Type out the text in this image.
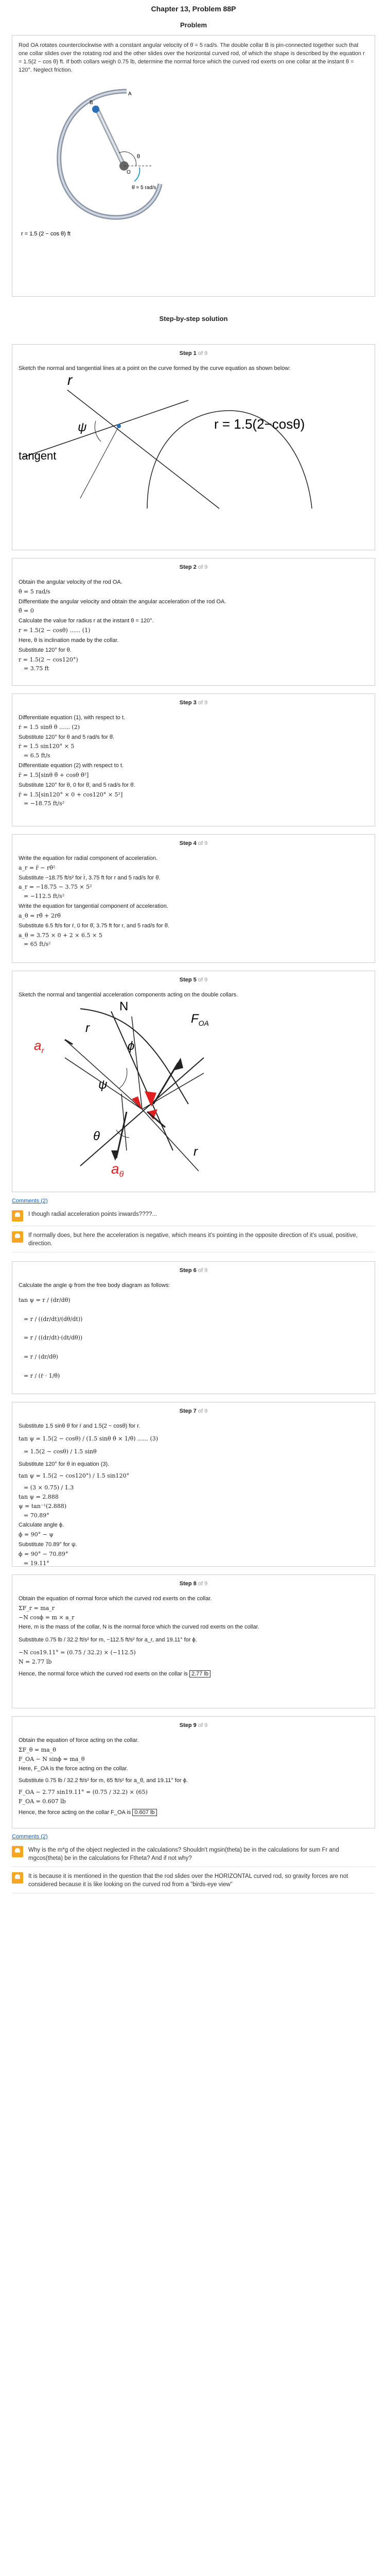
Chapter 13, Problem 88P
Problem
Rod OA rotates counterclockwise with a constant angular velocity of θ̇ = 5 rad/s. The double collar B is pin-connected together such that one collar slides over the rotating rod and the other slides over the horizontal curved rod, of which the shape is described by the equation r = 1.5(2 − cos θ) ft. If both collars weigh 0.75 lb, determine the normal force which the curved rod exerts on one collar at the instant θ = 120°. Neglect friction.
θ
θ̇ = 5 rad/s
O
B
A
r = 1.5 (2 − cos θ) ft
Step-by-step solution
Step 1 of 9
Sketch the normal and tangential lines at a point on the curve formed by the curve equation as shown below:
r
ψ
tangent
r = 1.5(2−cosθ)
Step 2 of 9
Obtain the angular velocity of the rod OA.
θ̇ = 5 rad/s
Differentiate the angular velocity and obtain the angular acceleration of the rod OA.
θ̈ = 0
Calculate the value for radius r at the instant θ = 120°.
r = 1.5(2 − cosθ) ...... (1)
Here, θ is inclination made by the collar.
Substitute 120° for θ.
r = 1.5(2 − cos120°)
= 3.75 ft
Step 3 of 9
Differentiate equation (1), with respect to t.
ṙ = 1.5 sinθ θ̇ ...... (2)
Substitute 120° for θ and 5 rad/s for θ̇.
ṙ = 1.5 sin120° × 5
= 6.5 ft/s
Differentiate equation (2) with respect to t.
r̈ = 1.5[sinθ θ̈ + cosθ θ̇²]
Substitute 120° for θ, 0 for θ̈, and 5 rad/s for θ̇.
r̈ = 1.5[sin120° × 0 + cos120° × 5²]
= −18.75 ft/s²
Step 4 of 9
Write the equation for radial component of acceleration.
a_r = r̈ − rθ̇²
Substitute −18.75 ft/s² for r̈, 3.75 ft for r and 5 rad/s for θ̇.
a_r = −18.75 − 3.75 × 5²
= −112.5 ft/s²
Write the equation for tangential component of acceleration.
a_θ = rθ̈ + 2ṙθ̇
Substitute 6.5 ft/s for ṙ, 0 for θ̈, 3.75 ft for r, and 5 rad/s for θ̇.
a_θ = 3.75 × 0 + 2 × 6.5 × 5
= 65 ft/s²
Step 5 of 9
Sketch the normal and tangential acceleration components acting on the double collars.
N
$F_{OA}$
$a_r$
r
ϕ
ψ
θ
$a_\theta$
r
Comments (2)
I though radial acceleration points inwards????...
If normally does, but here the acceleration is negative, which means it's pointing in the opposite direction of it's usual, positive, direction.
Step 6 of 9
Calculate the angle ψ from the free body diagram as follows:
tan ψ = r / (dr/dθ)
= r / ((dr/dt)/(dθ/dt))
= r / ((dr/dt)·(dt/dθ))
= r / (dr/dθ)
= r / (ṙ · 1/θ̇)
Step 7 of 9
Substitute 1.5 sinθ θ̇ for ṙ and 1.5(2 − cosθ) for r.
tan ψ = 1.5(2 − cosθ) / (1.5 sinθ θ̇ × 1/θ̇) ...... (3)
= 1.5(2 − cosθ) / 1.5 sinθ
Substitute 120° for θ in equation (3).
tan ψ = 1.5(2 − cos120°) / 1.5 sin120°
= (3 × 0.75) / 1.3
tan ψ = 2.888
ψ = tan⁻¹(2.888)
= 70.89°
Calculate angle ϕ.
ϕ = 90° − ψ
Substitute 70.89° for ψ.
ϕ = 90° − 70.89°
= 19.11°
Step 8 of 9
Obtain the equation of normal force which the curved rod exerts on the collar.
ΣF_r = ma_r
−N cosϕ = m × a_r
Here, m is the mass of the collar, N is the normal force which the curved rod exerts on the collar.
Substitute 0.75 lb / 32.2 ft/s² for m, −112.5 ft/s² for a_r, and 19.11° for ϕ.
−N cos19.11° = (0.75 / 32.2) × (−112.5)
N = 2.77 lb
Hence, the normal force which the curved rod exerts on the collar is 2.77 lb
Step 9 of 9
Obtain the equation of force acting on the collar.
ΣF_θ = ma_θ
F_OA − N sinϕ = ma_θ
Here, F_OA is the force acting on the collar.
Substitute 0.75 lb / 32.2 ft/s² for m, 65 ft/s² for a_θ, and 19.11° for ϕ.
F_OA − 2.77 sin19.11° = (0.75 / 32.2) × (65)
F_OA = 0.607 lb
Hence, the force acting on the collar F_OA is 0.607 lb
Comments (2)
Why is the m*g of the object neglected in the calculations? Shouldn't mgsin(theta) be in the calculations for sum Fr and mgcos(theta) be in the calculations for Ftheta? And if not why?
It is because it is mentioned in the question that the rod slides over the HORIZONTAL curved rod, so gravity forces are not considered because it is like looking on the curved rod from a "birds-eye view"
